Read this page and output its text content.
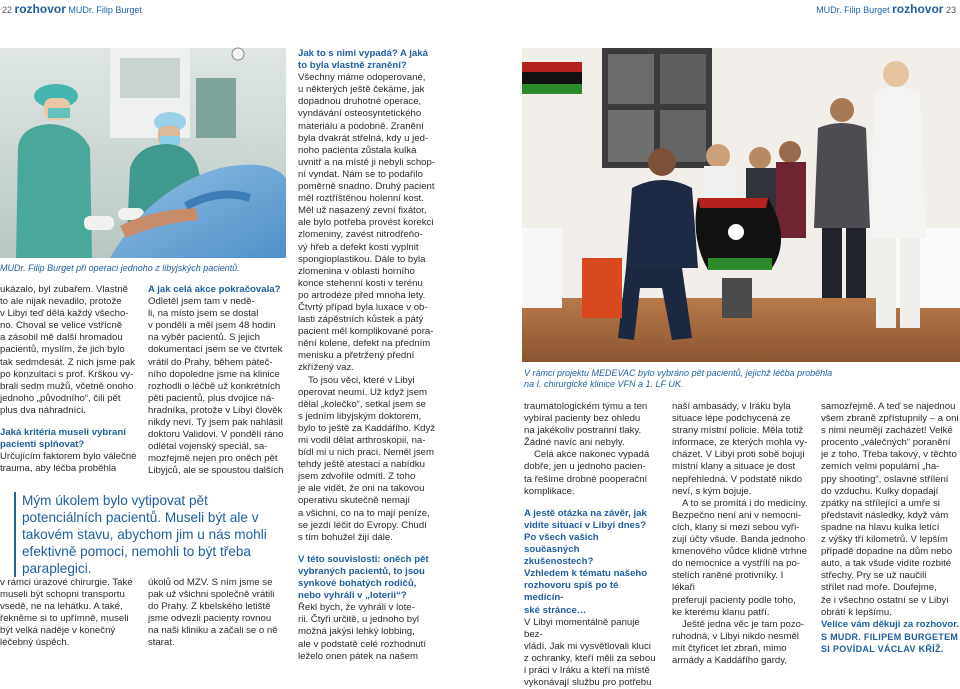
22 rozhovor MUDr. Filip Burget
MUDr. Filip Burget při operaci jednoho z libyjských pacientů.

ukázalo, byl zubařem. Vlastně

to ale nijak nevadilo, protože

v Libyi teď dělá každý všecho-

no. Choval se velice vstřícně

a zásobil mě další hromadou

pacientů, myslím, že jich bylo

tak sedmdesát. Z nich jsme pak

po konzultaci s prof. Krškou vy-

brali sedm mužů, včetně onoho

jednoho „původního“, čili pět

plus dva náhradníci.

Jaká kritéria museli vybraní

pacienti splňovat?

Určujícím faktorem bylo válečné

trauma, aby léčba proběhla

A jak celá akce pokračovala?

Odletěl jsem tam v nedě-

li, na místo jsem se dostal

v pondělí a měl jsem 48 hodin

na výběr pacientů. S jejich

dokumentací jsem se ve čtvrtek

vrátil do Prahy, během páteč-

ního dopoledne jsme na klinice

rozhodli o léčbě už konkrétních

pěti pacientů, plus dvojice ná-

hradníka, protože v Libyi člověk

nikdy neví. Ty jsem pak nahlásil

doktoru Validovi. V pondělí ráno

odlétal vojenský speciál, sa-

mozřejmě nejen pro oněch pět

Libyjců, ale se spoustou dalších

Mým úkolem bylo vytipovat pět potenciálních pacientů. Museli být ale v takovém stavu, abychom jim u nás mohli efektivně pomoci, nemohli to být třeba paraplegici.

v rámci úrazové chirurgie. Také

museli být schopni transportu

vsedě, ne na lehátku. A také,

řekněme si to upřímně, museli

být velká naděje v konečný

léčebný úspěch.

úkolů od MZV. S ním jsme se

pak už všichni společně vrátili

do Prahy. Z kbelského letiště

jsme odvezli pacienty rovnou

na naši kliniku a začali se o ně

starat.

Jak to s nimi vypadá? A jaká

to byla vlastně zranění?

Všechny máme odoperované,

u některých ještě čekáme, jak

dopadnou druhotné operace,

vyndávání osteosyntetického

materiálu a podobně. Zranění

byla dvakrát střelná, kdy u jed-

noho pacienta zůstala kulka

uvnitř a na místě ji nebyli schop-

ní vyndat. Nám se to podařilo

poměrně snadno. Druhý pacient

měl roztříštěnou holenní kost.

Měl už nasazený zevní fixátor,

ale bylo potřeba provést korekci

zlomeniny, zavést nitrodřeňo-

vý hřeb a defekt kosti vyplnit

spongioplastikou. Dále to byla

zlomenina v oblasti horního

konce stehenní kosti v terénu

po artrodéze před mnoha lety.

Čtvrtý případ byla luxace v ob-

lasti zápěstních kůstek a pátý

pacient měl komplikované pora-

nění kolene, defekt na předním

menisku a přetržený přední

zkřížený vaz.

To jsou věci, které v Libyi

operovat neumí. Už když jsem

dělal „kolečko“, setkal jsem se

s jedním libyjským doktorem,

bylo to ještě za Kaddáfího. Když

mi vodil dělat arthroskopii, na-

bídl mi u nich praci. Neměl jsem

tehdy ještě atestaci a nabídku

jsem zdvořile odmítl. Z toho

je ale vidět, že oni na takovou

operativu skutečně nemají

a všichni, co na to mají peníze,

se jezdí léčit do Evropy. Chudí

s tím bohužel žijí dále.

V této souvislosti: oněch pět

vybraných pacientů, to jsou

synkové bohatých rodičů,

nebo vyhráli v „loterii“?

Řekl bych, že vyhráli v lote-

rii. Čtyři určitě, u jednoho byl

možná jakýsi lehký lobbing,

ale v podstatě celé rozhodnutí

leželo onen pátek na našem

MUDr. Filip Burget rozhovor 23

V rámci projektu MEDEVAC bylo vybráno pět pacientů, jejichž léčba proběhla

na I. chirurgické klinice VFN a 1. LF UK.

traumatologickém týmu a ten

vybíral pacienty bez ohledu

na jakékoliv postranní tlaky.

Žádné navíc ani nebyly.

Celá akce nakonec vypadá

dobře, jen u jednoho pacien-

ta řešíme drobné pooperační

komplikace.

A jestě otázka na závěr, jak

vidíte situaci v Libyi dnes?

Po všech vašich současných

zkušenostech?

Vzhledem k tématu našeho

rozhovoru spíš po té medicín-

ské stránce…

V Libyi momentálně panuje bez-

vládí. Jak mi vysvětlovali kluci

z ochranky, kteří měli za sebou

i práci v Iráku a kteří na místě

vykonávají službu pro potřebu

naší ambasády, v Iráku byla

situace lépe podchycená ze

strany místní policie. Měla totiž

informace, ze kterých mohla vy-

cházet. V Libyi proti sobě bojují

místní klany a situace je dost

nepřehledná. V podstatě nikdo

neví, s kým bojuje.

A to se promítá i do medicíny.

Bezpečno není ani v nemocni-

cích, klany si mezi sebou vyři-

zují účty všude. Banda jednoho

kmenového vůdce klidně vtrhne

do nemocnice a vystřílí na po-

stelích raněné protivníky. I lékaři

preferují pacienty podle toho,

ke kterému klanu patří.

Ještě jedna věc je tam pozo-

ruhodná, v Libyi nikdo nesměl

mít čtyřicet let zbraň, mimo

armády a Kaddáfího gardy,

samozřejmě. A teď se najednou

všem zbraně zpřístupnily – a oni

s nimi neumějí zacházet! Velké

procento „válečných“ poranění

je z toho. Třeba takový, v těchto

zemích velmi populární „ha-

ppy shooting“, oslavné střílení

do vzduchu. Kulky dopadají

zpátky na střílející a umře si

představit následky, když vám

spadne na hlavu kulka letící

z výšky tří kilometrů. V lepším

případě dopadne na dům nebo

auto, a tak všude vidíte rozbité

střechy. Pry se už naučili

střílet nad moře. Doufejme,

že i všechno ostatní se v Libyi

obrátí k lepšímu.

Velice vám děkuji za rozhovor.

S MUDR. FILIPEM BURGETEM

SI POVÍDAL VÁCLAV KŘÍŽ.
